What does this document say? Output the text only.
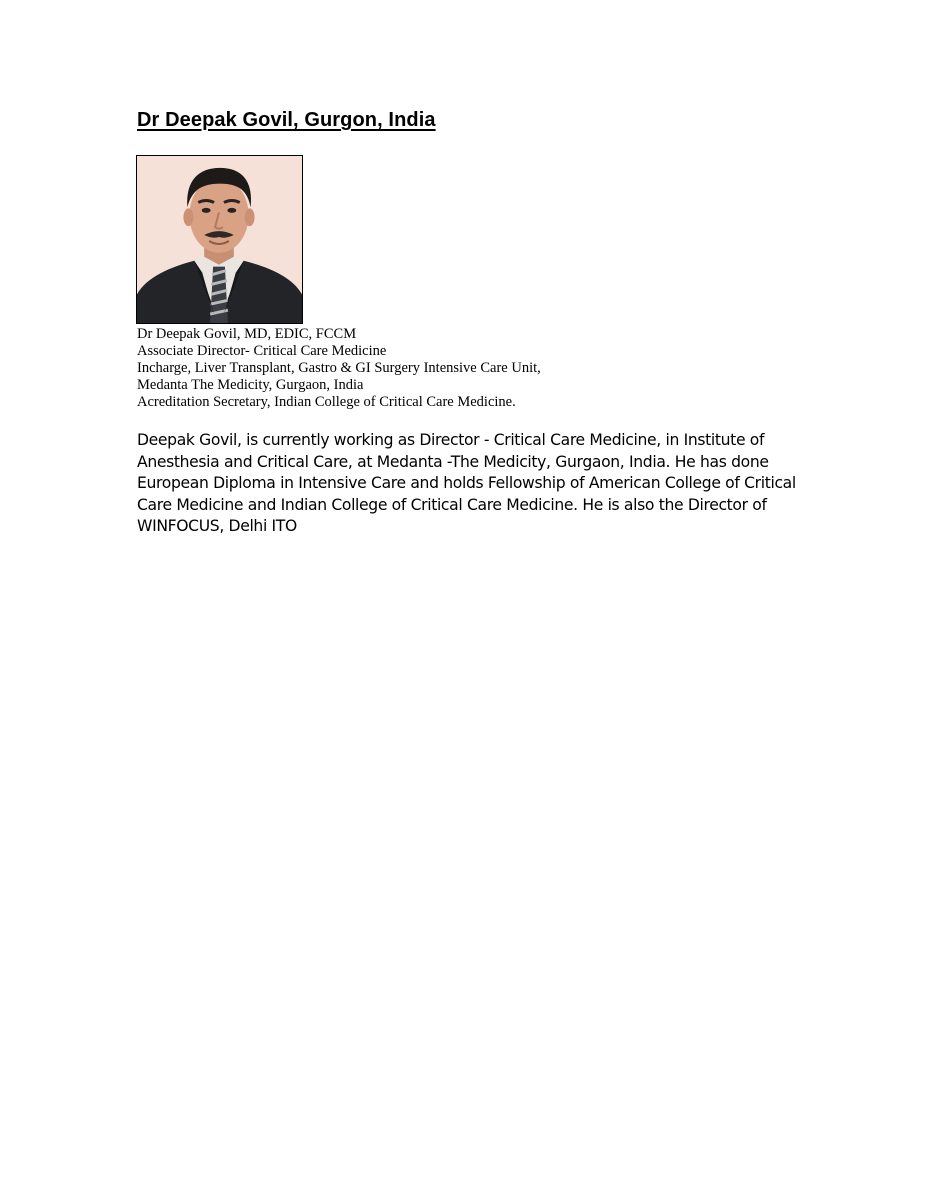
Dr Deepak Govil, Gurgon, India
Dr Deepak Govil, MD, EDIC, FCCM
Associate Director- Critical Care Medicine
Incharge, Liver Transplant, Gastro & GI Surgery Intensive Care Unit,
Medanta The Medicity, Gurgaon, India
Acreditation Secretary, Indian College of Critical Care Medicine.

Deepak Govil, is currently working as Director - Critical Care Medicine, in Institute of Anesthesia and Critical Care, at Medanta -The Medicity, Gurgaon, India. He has done European Diploma in Intensive Care and holds Fellowship of American College of Critical Care Medicine and Indian College of Critical Care Medicine. He is also the Director of WINFOCUS, Delhi ITO
